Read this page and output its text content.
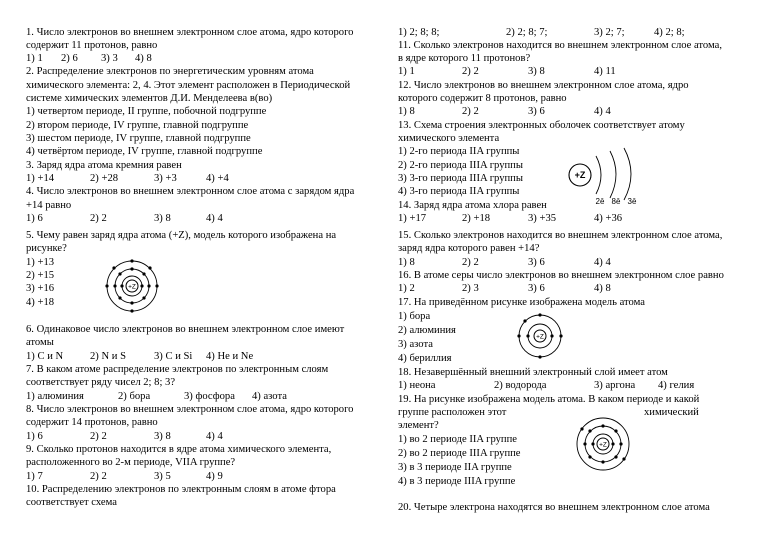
1. Число электронов во внешнем электронном слое атома, ядро которого
содержит 11 протонов, равно
1) 1 2) 6 3) 3 4) 8
2. Распределение электронов по энергетическим уровням атома
химического элемента: 2, 4. Этот элемент расположен в Периодической
системе химических элементов Д.И. Менделеева в(во)
1) четвертом периоде, II группе, побочной подгруппе
2) втором периоде, IV группе, главной подгруппе
3) шестом периоде, IV группе, главной подгруппе
4) четвёртом периоде, IV группе, главной подгруппе
3. Заряд ядра атома кремния равен
1) +14	2) +28	3) +3	4) +4
4. Число электронов во внешнем электронном слое атома с зарядом ядра
+14 равно
1) 6	2) 2	3) 8	4) 4
5. Чему равен заряд ядра атома (+Z), модель которого изображена на
рисунке?
1) +13
2) +15
3) +16
4) +18
6. Одинаковое число электронов во внешнем электронном слое имеют
атомы
1) C и N	2) N и S	3) C и Si 4) He и Ne
7. В каком атоме распределение электронов по электронным слоям
соответствует ряду чисел 2; 8; 3?
1) алюминия	2) бора	3) фосфора 4) азота
8. Число электронов во внешнем электронном слое атома, ядро которого
содержит 14 протонов, равно
1) 6	2) 2	3) 8	4) 4
9. Сколько протонов находится в ядре атома химического элемента,
расположенного во 2-м периоде, VIIA группе?
1) 7	2) 2	3) 5	4) 9
10. Распределению электронов по электронным слоям в атоме фтора
соответствует схема
+Z
1) 2; 8; 8;	2) 2; 8; 7;	3) 2; 7;	4) 2; 8;
11. Сколько электронов находится во внешнем электронном слое атома,
в ядре которого 11 протонов?
1) 1	2) 2	3) 8	4) 11
12. Число электронов во внешнем электронном слое атома, ядро
которого содержит 8 протонов, равно
1) 8	2) 2	3) 6	4) 4
13. Схема строения электронных оболочек соответствует атому
химического элемента
1) 2-го периода IIA группы
2) 2-го периода IIIA группы
3) 3-го периода IIIA группы
4) 3-го периода IIA группы
14. Заряд ядра атома хлора равен
1) +17	2) +18	3) +35	4) +36
15. Сколько электронов находится во внешнем электронном слое атома,
заряд ядра которого равен +14?
1) 8	2) 2	3) 6	4) 4
16. В атоме серы число электронов во внешнем электронном слое равно
1) 2	2) 3	3) 6	4) 8
17. На приведённом рисунке изображена модель атома
1) бора
2) алюминия
3) азота
4) бериллия
18. Незавершённый внешний электронный слой имеет атом
1) неона	2) водорода	3) аргона 4) гелия
19. На рисунке изображена модель атома. В каком периоде и какой
группе расположен этот	химический
элемент?
1) во 2 периоде IIA группе
2) во 2 периоде IIIA группе
3) в 3 периоде IIA группе
4) в 3 периоде IIIA группе
20. Четыре электрона находятся во внешнем электронном слое атома
+Z
2ē 8ē 3ē
+Z
+Z
